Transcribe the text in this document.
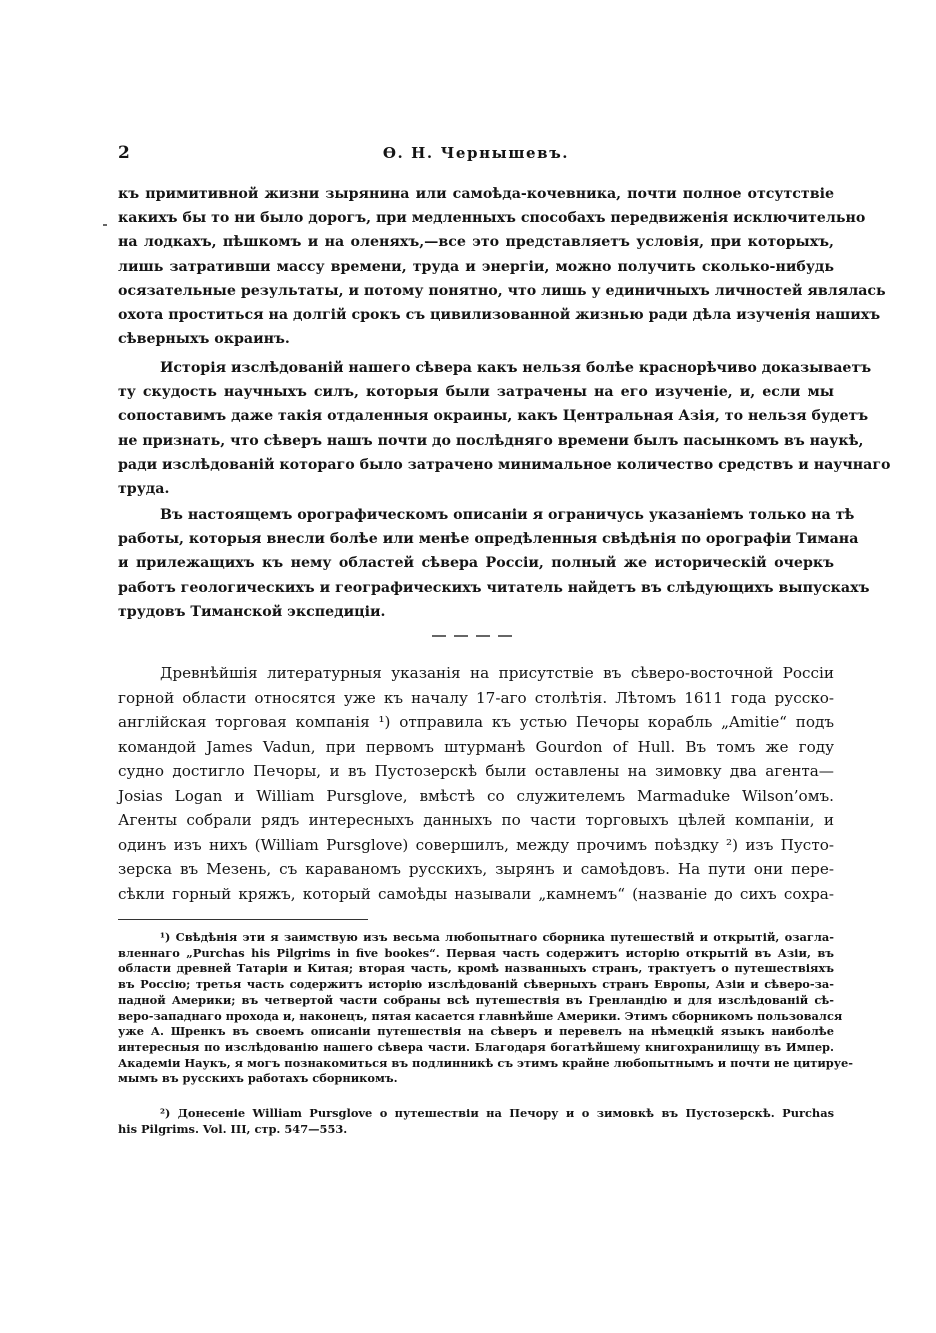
2	Ѳ. Н. Чернышевъ.
къ примитивной жизни зырянина или самоѣда-кочевника, почти полное отсутствіе
какихъ бы то ни было дорогъ, при медленныхъ способахъ передвиженія исключительно
на лодкахъ, пѣшкомъ и на оленяхъ,—все это представляетъ условія, при которыхъ,
лишь затративши массу времени, труда и энергіи, можно получить сколько-нибудь
осязательные результаты, и потому понятно, что лишь у единичныхъ личностей являлась
охота проститься на долгій срокъ съ цивилизованной жизнью ради дѣла изученія нашихъ
сѣверныхъ окраинъ.
Исторія изслѣдованій нашего сѣвера какъ нельзя болѣе краснорѣчиво доказываетъ
ту скудость научныхъ силъ, которыя были затрачены на его изученіе, и, если мы
сопоставимъ даже такія отдаленныя окраины, какъ Центральная Азія, то нельзя будетъ
не признать, что сѣверъ нашъ почти до послѣдняго времени былъ пасынкомъ въ наукѣ,
ради изслѣдованій котораго было затрачено минимальное количество средствъ и научнаго
труда.
Въ настоящемъ орографическомъ описаніи я ограничусь указаніемъ только на тѣ
работы, которыя внесли болѣе или менѣе опредѣленныя свѣдѣнія по орографіи Тимана
и прилежащихъ къ нему областей сѣвера Россіи, полный же историческій очеркъ
работъ геологическихъ и географическихъ читатель найдетъ въ слѣдующихъ выпускахъ
трудовъ Тиманской экспедиціи.
Древнѣйшія литературныя указанія на присутствіе въ сѣверо-восточной Россіи
горной области относятся уже къ началу 17-аго столѣтія. Лѣтомъ 1611 года русско-
англійская торговая компанія ¹) отправила къ устью Печоры корабль „Amitie“ подъ
командой James Vadun, при первомъ штурманѣ Gourdon of Hull. Въ томъ же году
судно достигло Печоры, и въ Пустозерскѣ были оставлены на зимовку два агента—
Josias Logan и William Pursglove, вмѣстѣ со служителемъ Marmaduke Wilson’омъ.
Агенты собрали рядъ интересныхъ данныхъ по части торговыхъ цѣлей компаніи, и
одинъ изъ нихъ (William Pursglove) совершилъ, между прочимъ поѣздку ²) изъ Пусто-
зерска въ Мезень, съ караваномъ русскихъ, зырянъ и самоѣдовъ. На пути они пере-
сѣкли горный кряжъ, который самоѣды называли „камнемъ“ (названіе до сихъ сохра-
¹) Свѣдѣнія эти я заимствую изъ весьма любопытнаго сборника путешествій и открытій, озагла-
вленнаго „Purchas his Pilgrims in five bookes“. Первая часть содержитъ исторію открытій въ Азіи, въ
области древней Татаріи и Китая; вторая часть, кромѣ названныхъ странъ, трактуетъ о путешествіяхъ
въ Россію; третья часть содержитъ исторію изслѣдованій сѣверныхъ странъ Европы, Азіи и сѣверо-за-
падной Америки; въ четвертой части собраны всѣ путешествія въ Гренландію и для изслѣдованій сѣ-
веро-западнаго прохода и, наконецъ, пятая касается главнѣйше Америки. Этимъ сборникомъ пользовался
уже А. Шренкъ въ своемъ описаніи путешествія на сѣверъ и перевелъ на нѣмецкій языкъ наиболѣе
интересныя по изслѣдованію нашего сѣвера части. Благодаря богатѣйшему книгохранилищу въ Импер.
Академіи Наукъ, я могъ познакомиться въ подлинникѣ съ этимъ крайне любопытнымъ и почти не цитируе-
мымъ въ русскихъ работахъ сборникомъ.
²) Донесеніе William Pursglove о путешествіи на Печору и о зимовкѣ въ Пустозерскѣ. Purchas
his Pilgrims. Vol. III, стр. 547—553.
